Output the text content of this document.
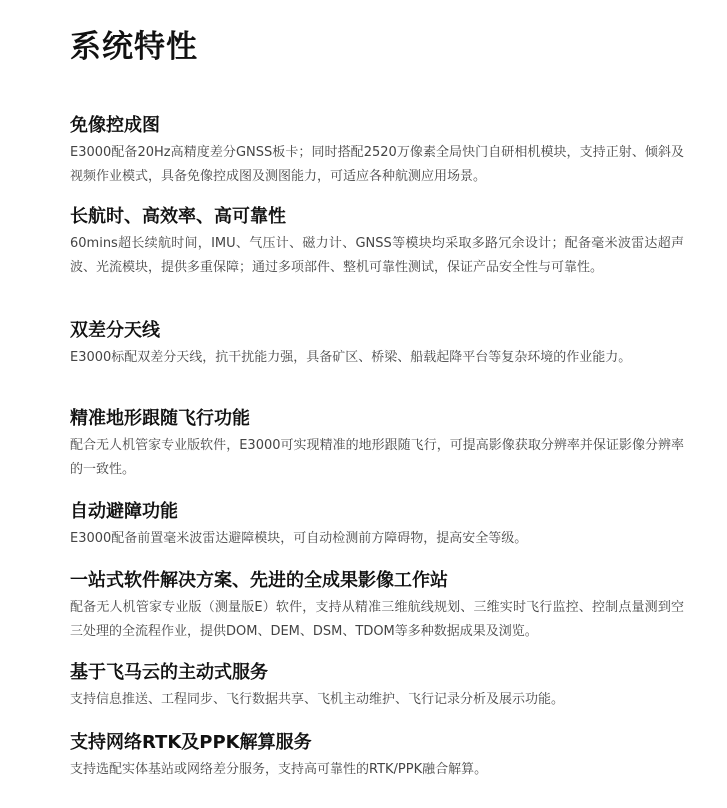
系统特性
免像控成图

E3000配备20Hz高精度差分GNSS板卡；同时搭配2520万像素全局快门自研相机模块，支持正射、倾斜及视频作业模式，具备免像控成图及测图能力，可适应各种航测应用场景。

长航时、高效率、高可靠性

60mins超长续航时间，IMU、气压计、磁力计、GNSS等模块均采取多路冗余设计；配备毫米波雷达超声波、光流模块，提供多重保障；通过多项部件、整机可靠性测试，保证产品安全性与可靠性。

双差分天线

E3000标配双差分天线，抗干扰能力强，具备矿区、桥梁、船载起降平台等复杂环境的作业能力。

精准地形跟随飞行功能

配合无人机管家专业版软件，E3000可实现精准的地形跟随飞行，可提高影像获取分辨率并保证影像分辨率的一致性。

自动避障功能

E3000配备前置毫米波雷达避障模块，可自动检测前方障碍物，提高安全等级。

一站式软件解决方案、先进的全成果影像工作站

配备无人机管家专业版（测量版E）软件，支持从精准三维航线规划、三维实时飞行监控、控制点量测到空三处理的全流程作业，提供DOM、DEM、DSM、TDOM等多种数据成果及浏览。

基于飞马云的主动式服务

支持信息推送、工程同步、飞行数据共享、飞机主动维护、飞行记录分析及展示功能。

支持网络RTK及PPK解算服务

支持选配实体基站或网络差分服务，支持高可靠性的RTK/PPK融合解算。
